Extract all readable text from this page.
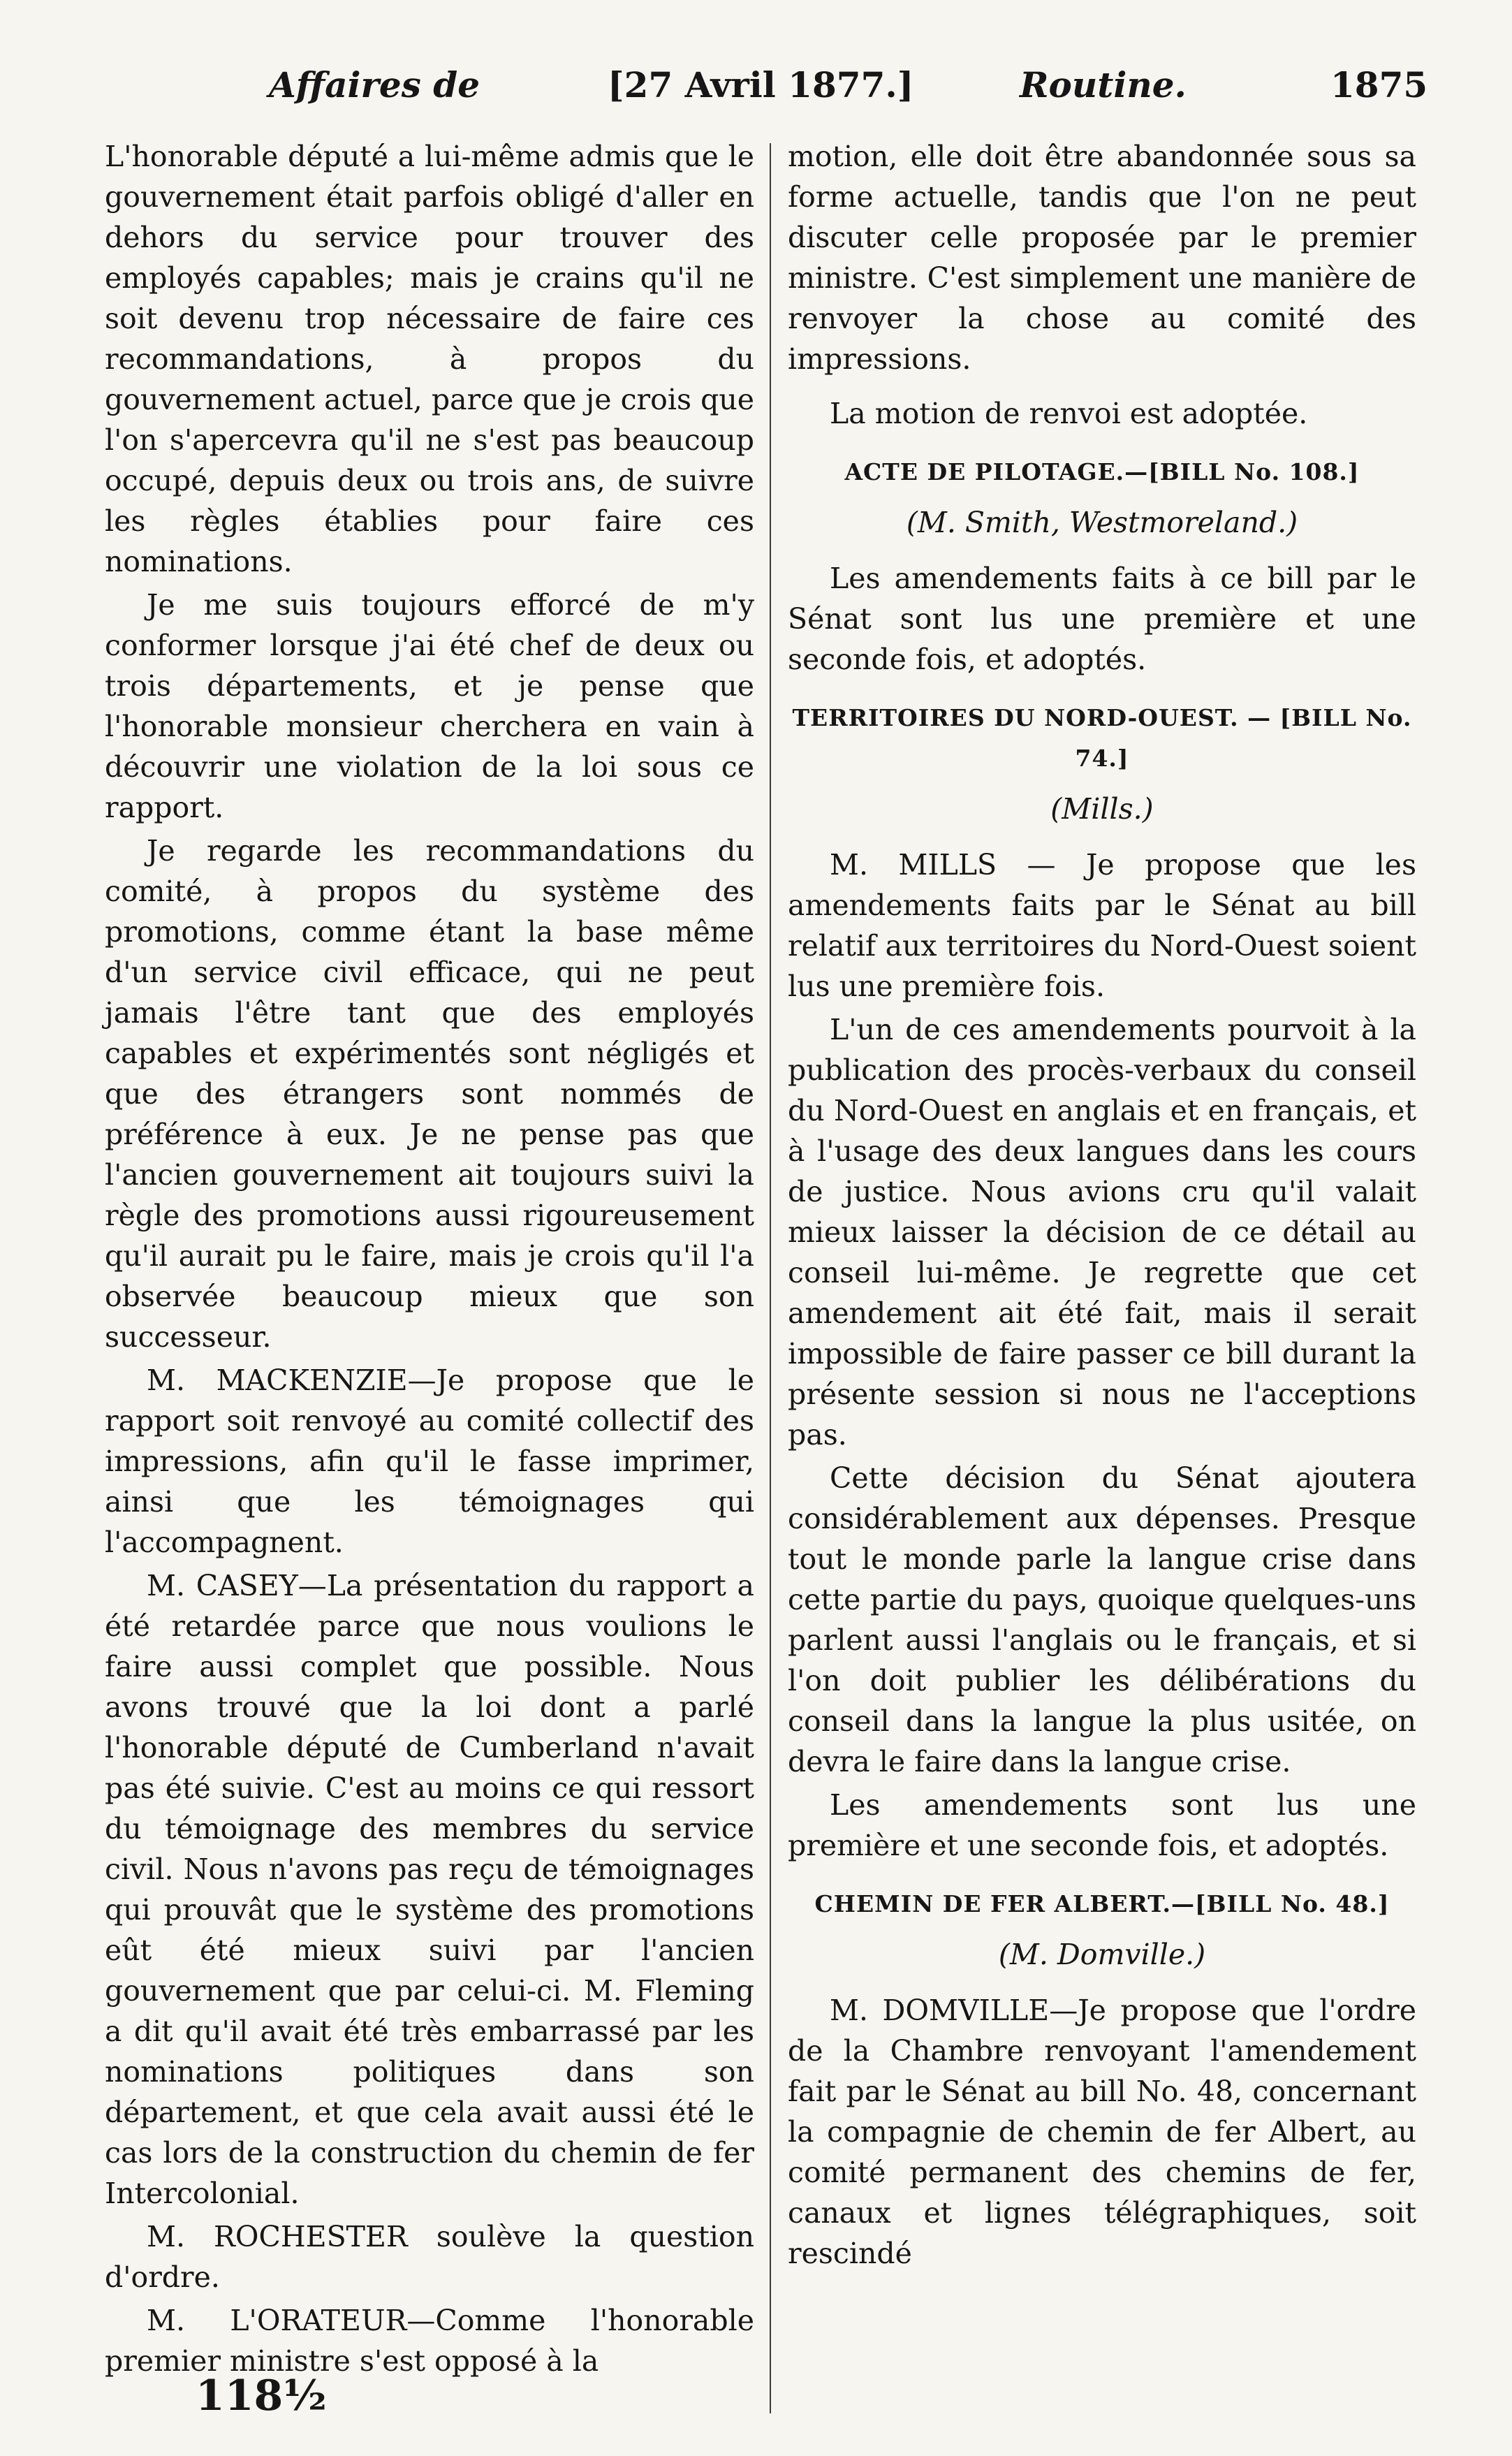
Affaires de	[27 Avril 1877.]	Routine.	1875

L'honorable député a lui-même admis que le gouvernement était parfois obligé d'aller en dehors du service pour trouver des employés capables; mais je crains qu'il ne soit devenu trop nécessaire de faire ces recommandations, à propos du gouvernement actuel, parce que je crois que l'on s'apercevra qu'il ne s'est pas beaucoup occupé, depuis deux ou trois ans, de suivre les règles établies pour faire ces nominations.

Je me suis toujours efforcé de m'y conformer lorsque j'ai été chef de deux ou trois départements, et je pense que l'honorable monsieur cherchera en vain à découvrir une violation de la loi sous ce rapport.

Je regarde les recommandations du comité, à propos du système des promotions, comme étant la base même d'un service civil efficace, qui ne peut jamais l'être tant que des employés capables et expérimentés sont négligés et que des étrangers sont nommés de préférence à eux. Je ne pense pas que l'ancien gouvernement ait toujours suivi la règle des promotions aussi rigoureusement qu'il aurait pu le faire, mais je crois qu'il l'a observée beaucoup mieux que son successeur.

M. MACKENZIE—Je propose que le rapport soit renvoyé au comité collectif des impressions, afin qu'il le fasse imprimer, ainsi que les témoignages qui l'accompagnent.

M. CASEY—La présentation du rapport a été retardée parce que nous voulions le faire aussi complet que possible. Nous avons trouvé que la loi dont a parlé l'honorable député de Cumberland n'avait pas été suivie. C'est au moins ce qui ressort du témoignage des membres du service civil. Nous n'avons pas reçu de témoignages qui prouvât que le système des promotions eût été mieux suivi par l'ancien gouvernement que par celui-ci. M. Fleming a dit qu'il avait été très embarrassé par les nominations politiques dans son département, et que cela avait aussi été le cas lors de la construction du chemin de fer Intercolonial.

M. ROCHESTER soulève la question d'ordre.

M. L'ORATEUR—Comme l'honorable premier ministre s'est opposé à la

motion, elle doit être abandonnée sous sa forme actuelle, tandis que l'on ne peut discuter celle proposée par le premier ministre. C'est simplement une manière de renvoyer la chose au comité des impressions.

La motion de renvoi est adoptée.

ACTE DE PILOTAGE.—[BILL No. 108.]
(M. Smith, Westmoreland.)

Les amendements faits à ce bill par le Sénat sont lus une première et une seconde fois, et adoptés.

TERRITOIRES DU NORD-OUEST. — [BILL No. 74.]
(Mills.)

M. MILLS — Je propose que les amendements faits par le Sénat au bill relatif aux territoires du Nord-Ouest soient lus une première fois.

L'un de ces amendements pourvoit à la publication des procès-verbaux du conseil du Nord-Ouest en anglais et en français, et à l'usage des deux langues dans les cours de justice. Nous avions cru qu'il valait mieux laisser la décision de ce détail au conseil lui-même. Je regrette que cet amendement ait été fait, mais il serait impossible de faire passer ce bill durant la présente session si nous ne l'acceptions pas.

Cette décision du Sénat ajoutera considérablement aux dépenses. Presque tout le monde parle la langue crise dans cette partie du pays, quoique quelques-uns parlent aussi l'anglais ou le français, et si l'on doit publier les délibérations du conseil dans la langue la plus usitée, on devra le faire dans la langue crise.

Les amendements sont lus une première et une seconde fois, et adoptés.

CHEMIN DE FER ALBERT.—[BILL No. 48.]
(M. Domville.)

M. DOMVILLE—Je propose que l'ordre de la Chambre renvoyant l'amendement fait par le Sénat au bill No. 48, concernant la compagnie de chemin de fer Albert, au comité permanent des chemins de fer, canaux et lignes télégraphiques, soit rescindé

118½
